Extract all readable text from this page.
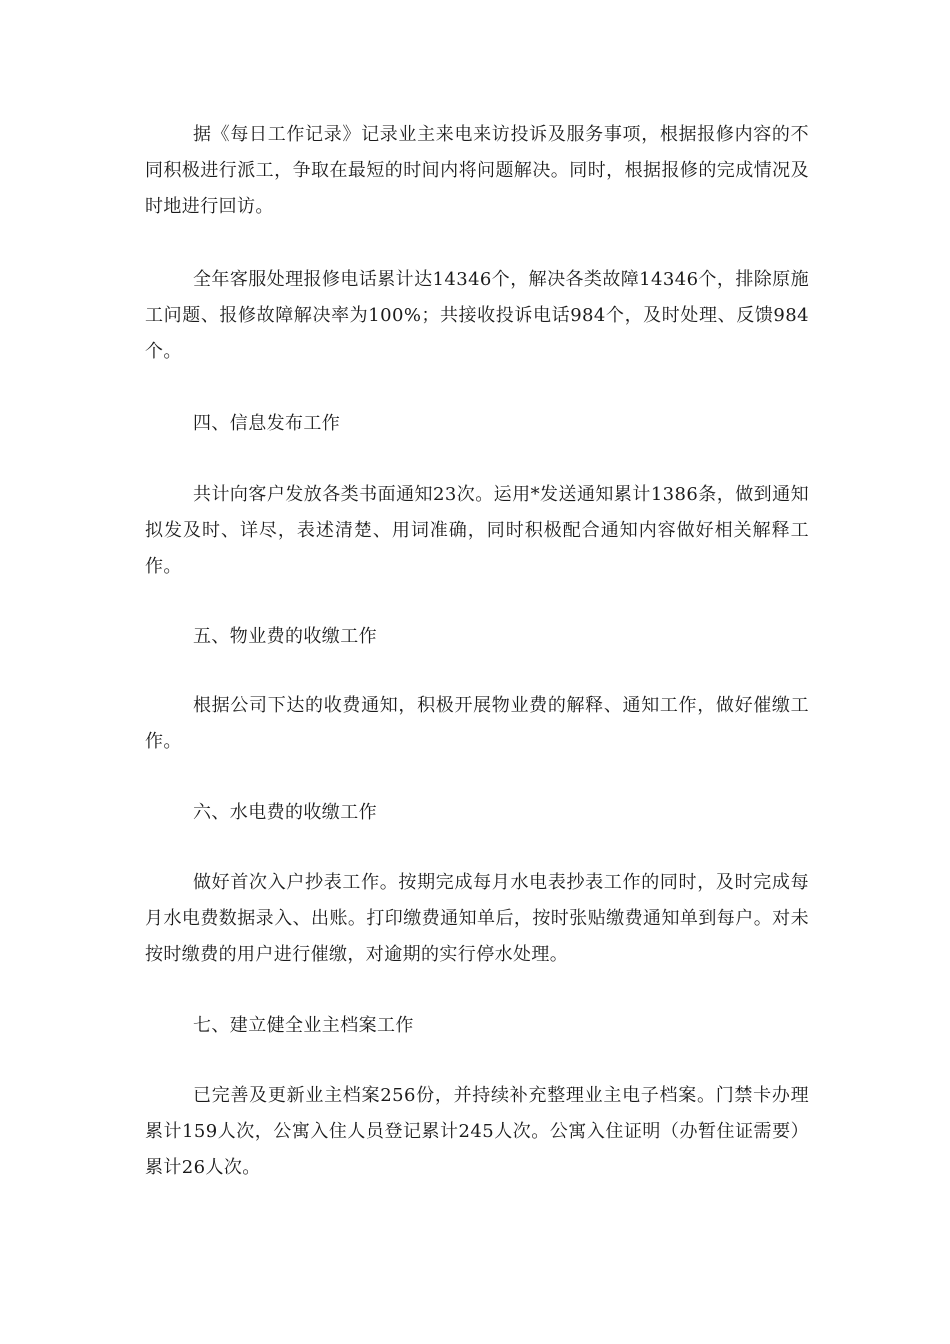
据《每日工作记录》记录业主来电来访投诉及服务事项，根据报修内容的不同积极进行派工，争取在最短的时间内将问题解决。同时，根据报修的完成情况及时地进行回访。

全年客服处理报修电话累计达14346个，解决各类故障14346个，排除原施工问题、报修故障解决率为100%；共接收投诉电话984个，及时处理、反馈984个。

四、信息发布工作

共计向客户发放各类书面通知23次。运用*发送通知累计1386条，做到通知拟发及时、详尽，表述清楚、用词准确，同时积极配合通知内容做好相关解释工作。

五、物业费的收缴工作

根据公司下达的收费通知，积极开展物业费的解释、通知工作，做好催缴工作。

六、水电费的收缴工作

做好首次入户抄表工作。按期完成每月水电表抄表工作的同时，及时完成每月水电费数据录入、出账。打印缴费通知单后，按时张贴缴费通知单到每户。对未按时缴费的用户进行催缴，对逾期的实行停水处理。

七、建立健全业主档案工作

已完善及更新业主档案256份，并持续补充整理业主电子档案。门禁卡办理累计159人次，公寓入住人员登记累计245人次。公寓入住证明（办暂住证需要）累计26人次。
